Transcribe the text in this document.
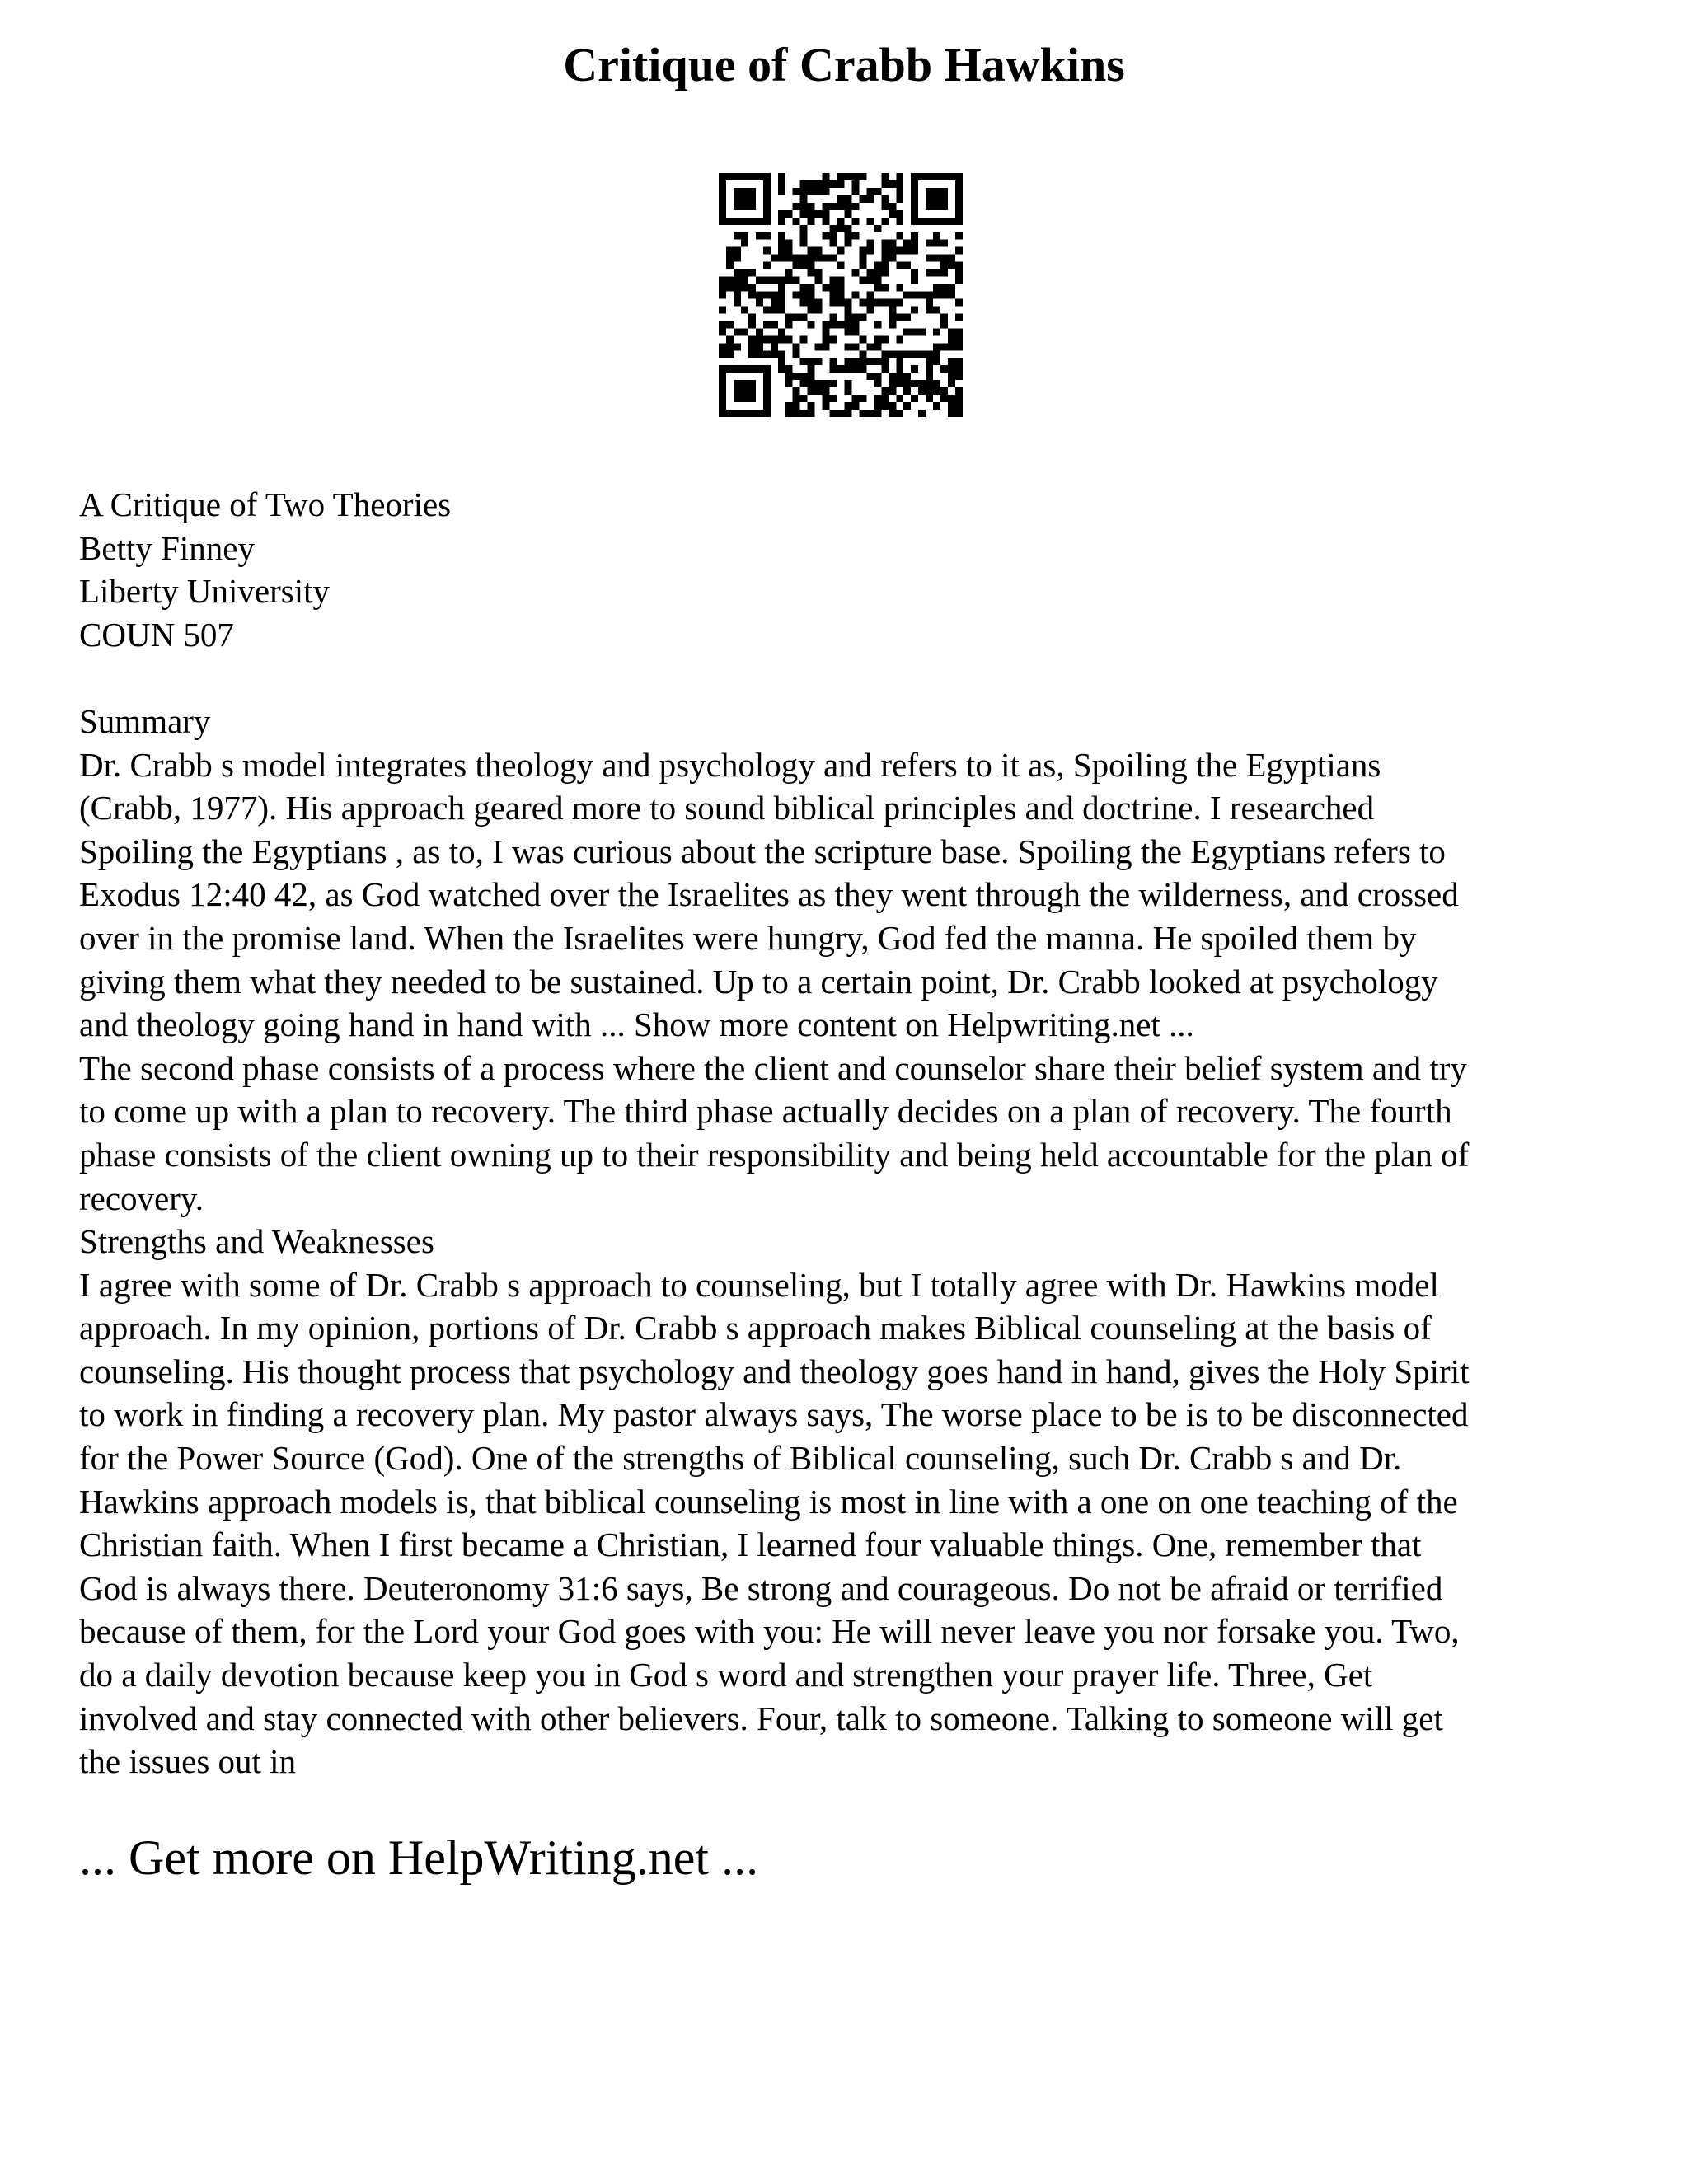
Critique of Crabb Hawkins
A Critique of Two Theories
Betty Finney
Liberty University
COUN 507
Summary
Dr. Crabb s model integrates theology and psychology and refers to it as, Spoiling the Egyptians
(Crabb, 1977). His approach geared more to sound biblical principles and doctrine. I researched
Spoiling the Egyptians , as to, I was curious about the scripture base. Spoiling the Egyptians refers to
Exodus 12:40 42, as God watched over the Israelites as they went through the wilderness, and crossed
over in the promise land. When the Israelites were hungry, God fed the manna. He spoiled them by
giving them what they needed to be sustained. Up to a certain point, Dr. Crabb looked at psychology
and theology going hand in hand with ... Show more content on Helpwriting.net ...
The second phase consists of a process where the client and counselor share their belief system and try
to come up with a plan to recovery. The third phase actually decides on a plan of recovery. The fourth
phase consists of the client owning up to their responsibility and being held accountable for the plan of
recovery.
Strengths and Weaknesses
I agree with some of Dr. Crabb s approach to counseling, but I totally agree with Dr. Hawkins model
approach. In my opinion, portions of Dr. Crabb s approach makes Biblical counseling at the basis of
counseling. His thought process that psychology and theology goes hand in hand, gives the Holy Spirit
to work in finding a recovery plan. My pastor always says, The worse place to be is to be disconnected
for the Power Source (God). One of the strengths of Biblical counseling, such Dr. Crabb s and Dr.
Hawkins approach models is, that biblical counseling is most in line with a one on one teaching of the
Christian faith. When I first became a Christian, I learned four valuable things. One, remember that
God is always there. Deuteronomy 31:6 says, Be strong and courageous. Do not be afraid or terrified
because of them, for the Lord your God goes with you: He will never leave you nor forsake you. Two,
do a daily devotion because keep you in God s word and strengthen your prayer life. Three, Get
involved and stay connected with other believers. Four, talk to someone. Talking to someone will get
the issues out in
... Get more on HelpWriting.net ...
